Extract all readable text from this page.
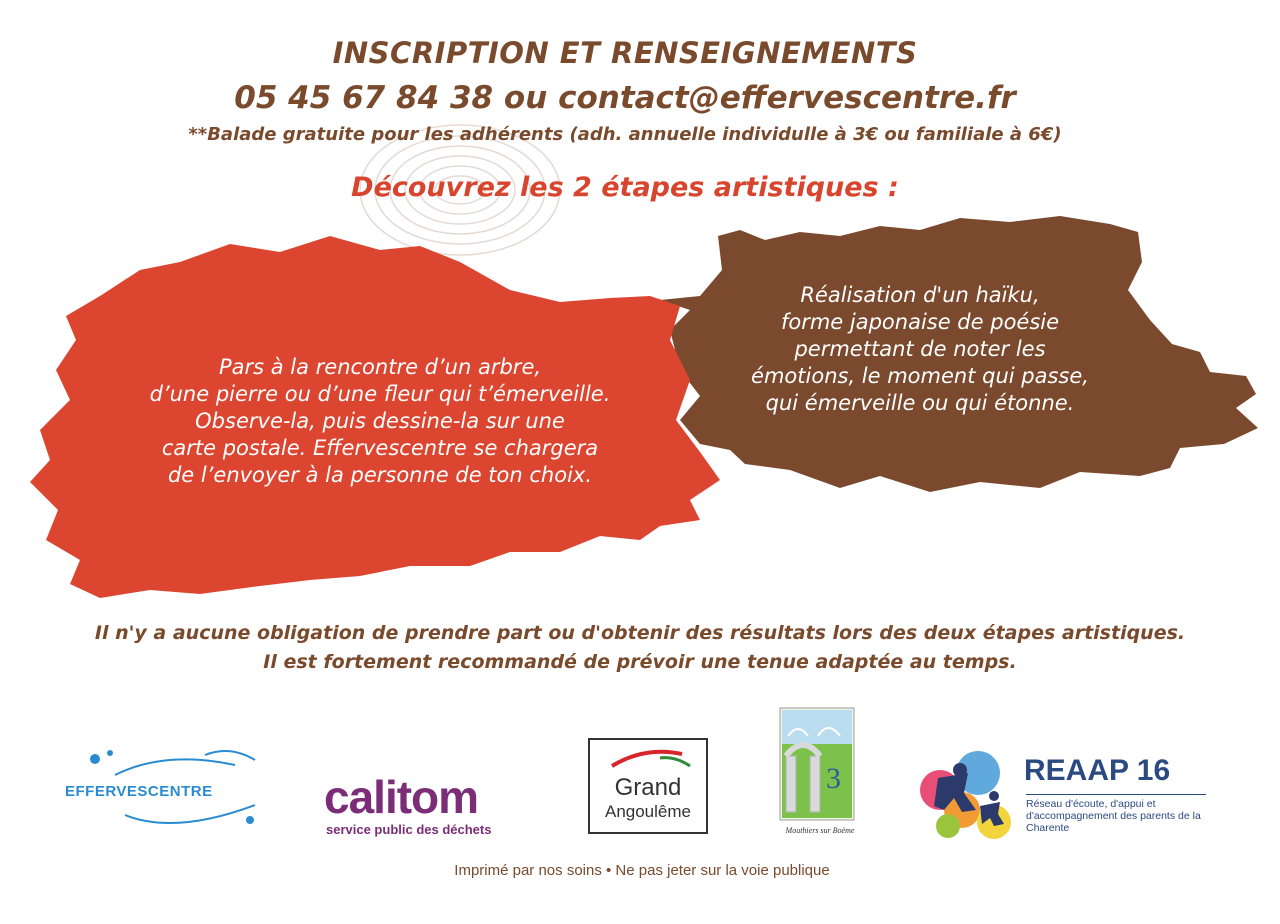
INSCRIPTION ET RENSEIGNEMENTS
05 45 67 84 38 ou contact@effervescentre.fr
**Balade gratuite pour les adhérents (adh. annuelle individulle à 3€ ou familiale à 6€)
Découvrez les 2 étapes artistiques :
Pars à la rencontre d’un arbre,
d’une pierre ou d’une fleur qui t’émerveille.
Observe-la, puis dessine-la sur une
carte postale. Effervescentre se chargera
de l’envoyer à la personne de ton choix.
Réalisation d'un haïku,
forme japonaise de poésie
permettant de noter les
émotions, le moment qui passe,
qui émerveille ou qui étonne.
Il n'y a aucune obligation de prendre part ou d'obtenir des résultats lors des deux étapes artistiques.
Il est fortement recommandé de prévoir une tenue adaptée au temps.
EFFERVESCENTRE calitom
service public des déchets
Grand
Angoulême
3
Mouthiers sur Boëme
REAAP 16
Réseau d'écoute, d'appui et d'accompagnement des parents de la Charente
Imprimé par nos soins • Ne pas jeter sur la voie publique
